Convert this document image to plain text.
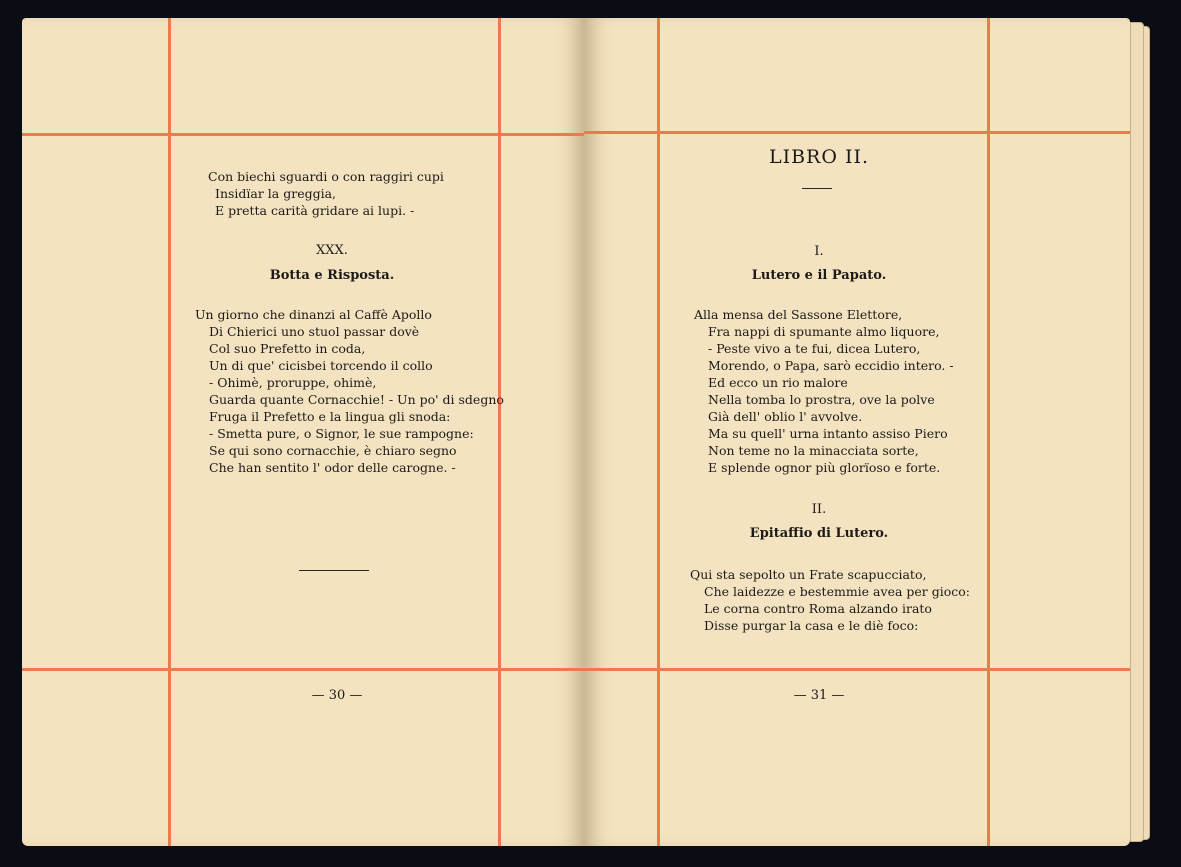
Con biechi sguardi o con raggiri cupi
Insidïar la greggia,
E pretta carità gridare ai lupi. -
XXX.
Botta e Risposta.
Un giorno che dinanzi al Caffè Apollo
Di Chierici uno stuol passar dovè
Col suo Prefetto in coda,
Un di que' cicisbei torcendo il collo
- Ohimè, proruppe, ohimè,
Guarda quante Cornacchie! - Un po' di sdegno
Fruga il Prefetto e la lingua gli snoda:
- Smetta pure, o Signor, le sue rampogne:
Se qui sono cornacchie, è chiaro segno
Che han sentito l' odor delle carogne. -
— 30 —
LIBRO II.
I.
Lutero e il Papato.
Alla mensa del Sassone Elettore,
Fra nappi di spumante almo liquore,
- Peste vivo a te fui, dicea Lutero,
Morendo, o Papa, sarò eccidio intero. -
Ed ecco un rio malore
Nella tomba lo prostra, ove la polve
Già dell' oblio l' avvolve.
Ma su quell' urna intanto assiso Piero
Non teme no la minacciata sorte,
E splende ognor più glorïoso e forte.
II.
Epitaffio di Lutero.
Qui sta sepolto un Frate scapucciato,
Che laidezze e bestemmie avea per gioco:
Le corna contro Roma alzando irato
Disse purgar la casa e le diè foco:
— 31 —
